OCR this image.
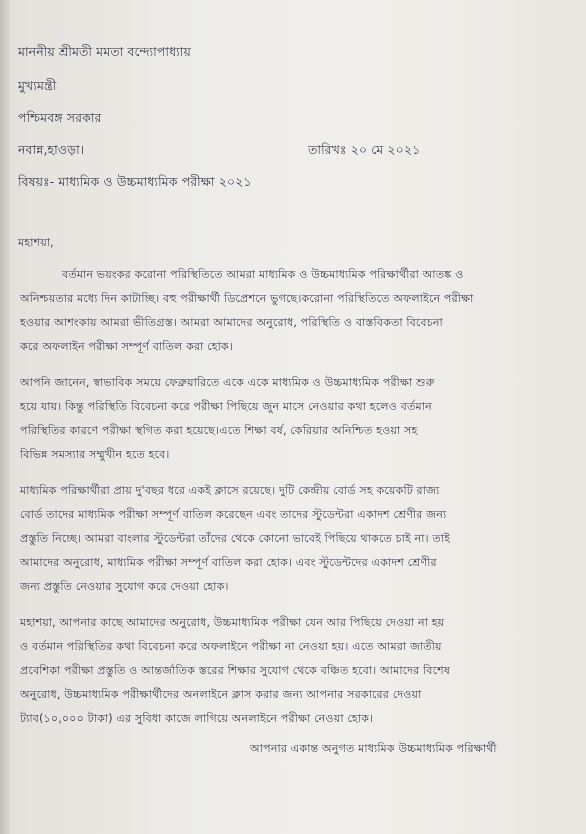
মাননীয় শ্রীমতী মমতা বন্দ্যোপাধ্যায়
মুখ্যমন্ত্রী
পশ্চিমবঙ্গ সরকার
নবান্ন,হাওড়া।	তারিখঃ ২০ মে ২০২১
বিষয়ঃ- মাধ্যমিক ও উচ্চমাধ্যমিক পরীক্ষা ২০২১
মহাশয়া,
বর্তমান ভয়ংকর করোনা পরিস্থিতিতে আমরা মাধ্যমিক ও উচ্চমাধ্যমিক পরিক্ষার্থীরা আতঙ্ক ও
অনিশ্চয়তার মধ্যে দিন কাটাচ্ছি। বহু পরীক্ষার্থী ডিপ্রেশনে ভুগছে।করোনা পরিস্থিতিতে অফলাইনে পরীক্ষা
হওয়ার আশংকায় আমরা ভীতিগ্রস্ত। আমরা আমাদের অনুরোধ, পরিস্থিতি ও বাস্তবিকতা বিবেচনা
করে অফলাইন পরীক্ষা সম্পূর্ণ বাতিল করা হোক।
আপনি জানেন, স্বাভাবিক সময়ে ফেব্রুয়ারিতে একে একে মাধ্যমিক ও উচ্চমাধ্যমিক পরীক্ষা শুরু
হয়ে যায়। কিন্তু পরিস্থিতি বিবেচনা করে পরীক্ষা পিছিয়ে জুন মাসে নেওয়ার কথা হলেও বর্তমান
পরিস্থিতির কারণে পরীক্ষা স্থগিত করা হয়েছে।এতে শিক্ষা বর্ষ, কেরিয়ার অনিশ্চিত হওয়া সহ
বিভিন্ন সমস্যার সম্মুখীন হতে হবে।
মাধ্যমিক পরিক্ষার্থীরা প্রায় দু'বছর ধরে একই ক্লাসে রয়েছে। দুটি কেন্দ্রীয় বোর্ড সহ কয়েকটি রাজ্য
বোর্ড তাদের মাধ্যমিক পরীক্ষা সম্পূর্ণ বাতিল করেছেন এবং তাদের স্টুডেন্টরা একাদশ শ্রেণীর জন্য
প্রস্তুতি নিচ্ছে। আমরা বাংলার স্টুডেন্টরা তাঁদের থেকে কোনো ভাবেই পিছিয়ে থাকতে চাই না। তাই
আমাদের অনুরোধ, মাধ্যমিক পরীক্ষা সম্পূর্ণ বাতিল করা হোক। এবং স্টুডেন্টদের একাদশ শ্রেণীর
জন্য প্রস্তুতি নেওয়ার সুযোগ করে দেওয়া হোক।
মহাশয়া, আপনার কাছে আমাদের অনুরোধ, উচ্চমাধ্যমিক পরীক্ষা যেন আর পিছিয়ে দেওয়া না হয়
ও বর্তমান পরিস্থিতির কথা বিবেচনা করে অফলাইনে পরীক্ষা না নেওয়া হয়। এতে আমরা জাতীয়
প্রবেশিকা পরীক্ষা প্রস্তুতি ও আন্তর্জাতিক স্তরের শিক্ষার সুযোগ থেকে বঞ্চিত হবো। আমাদের বিশেষ
অনুরোধ, উচ্চমাধ্যমিক পরীক্ষার্থীদের অনলাইনে ক্লাস করার জন্য আপনার সরকারের দেওয়া
ট্যাব(১০,০০০ টাকা) এর সুবিধা কাজে লাগিয়ে অনলাইনে পরীক্ষা নেওয়া হোক।
আপনার একান্ত অনুগত মাধ্যমিক উচ্চমাধ্যমিক পরিক্ষার্থী
